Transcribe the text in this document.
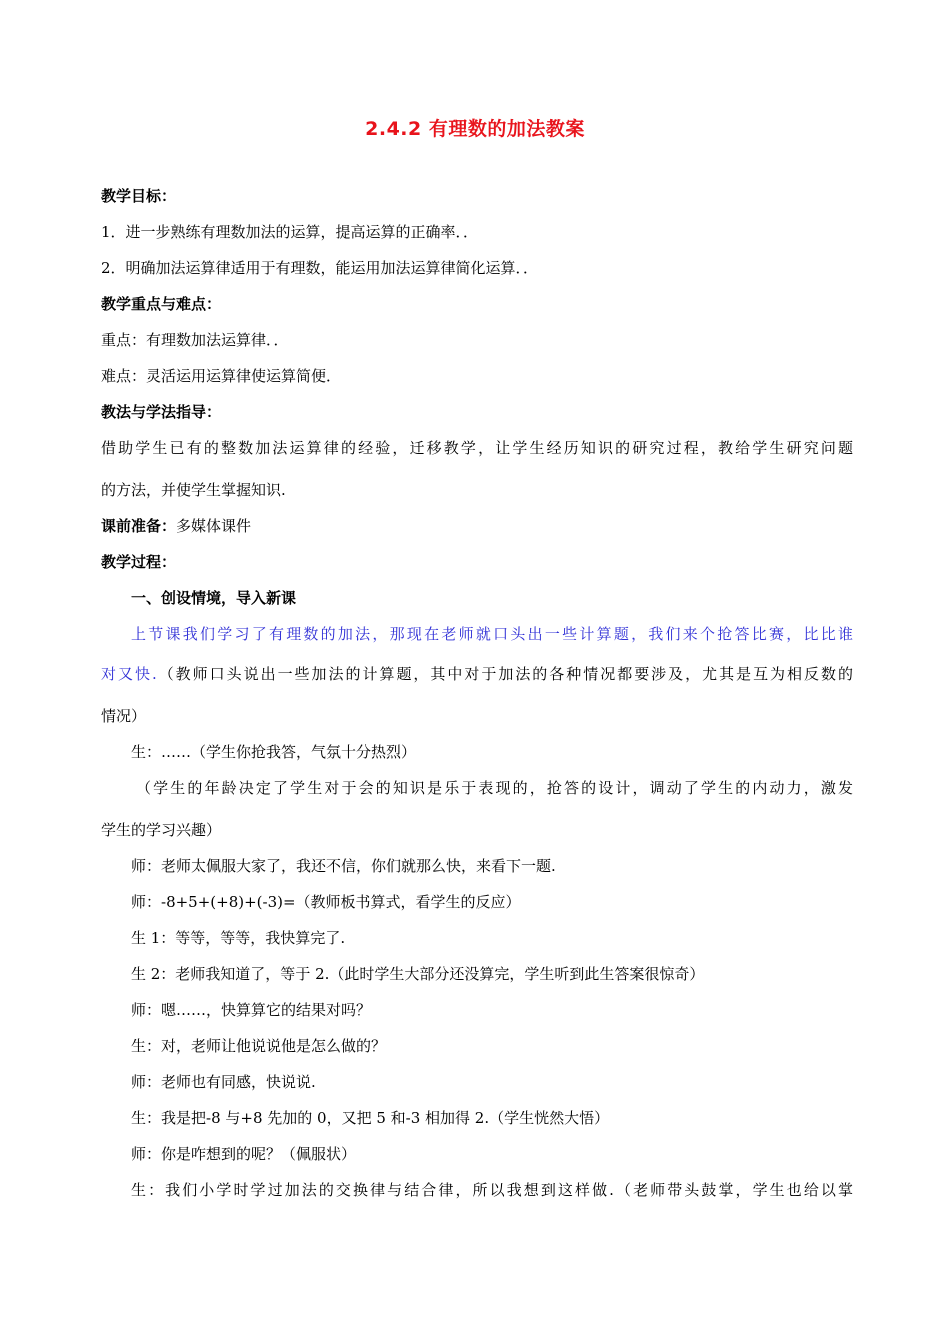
2.4.2 有理数的加法教案
教学目标：
1．进一步熟练有理数加法的运算，提高运算的正确率．．
2．明确加法运算律适用于有理数，能运用加法运算律简化运算．．
教学重点与难点：
重点：有理数加法运算律．．
难点：灵活运用运算律使运算简便．
教法与学法指导：
借助学生已有的整数加法运算律的经验，迁移教学，让学生经历知识的研究过程，教给学生研究问题
的方法，并使学生掌握知识.
课前准备：多媒体课件
教学过程：
一、创设情境，导入新课
上节课我们学习了有理数的加法，那现在老师就口头出一些计算题，我们来个抢答比赛，比比谁
对又快.（教师口头说出一些加法的计算题，其中对于加法的各种情况都要涉及，尤其是互为相反数的
情况）
生：……（学生你抢我答，气氛十分热烈）
（学生的年龄决定了学生对于会的知识是乐于表现的，抢答的设计，调动了学生的内动力，激发
学生的学习兴趣）
师：老师太佩服大家了，我还不信，你们就那么快，来看下一题.
师：-8+5+(+8)+(-3)=（教师板书算式，看学生的反应）
生 1：等等，等等，我快算完了.
生 2：老师我知道了，等于 2.（此时学生大部分还没算完，学生听到此生答案很惊奇）
师：嗯……，快算算它的结果对吗？
生：对，老师让他说说他是怎么做的？
师：老师也有同感，快说说.
生：我是把-8 与+8 先加的 0，又把 5 和-3 相加得 2.（学生恍然大悟）
师：你是咋想到的呢？（佩服状）
生：我们小学时学过加法的交换律与结合律，所以我想到这样做.（老师带头鼓掌，学生也给以掌
